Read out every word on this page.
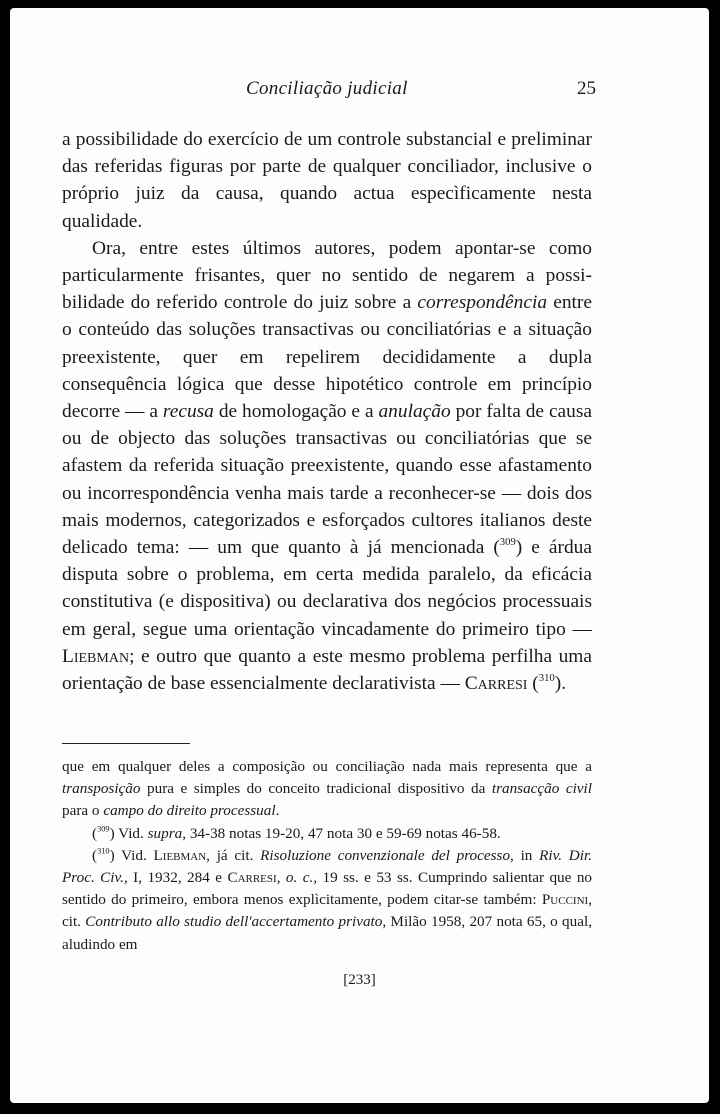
Conciliação judicial	25

a possibilidade do exercício de um controle substancial e preliminar das referidas figuras por parte de qualquer conciliador, inclusive o próprio juiz da causa, quando actua especìficamente nesta qualidade.

Ora, entre estes últimos autores, podem apontar-se como particularmente frisantes, quer no sentido de negarem a possibilidade do referido controle do juiz sobre a correspondência entre o conteúdo das soluções transactivas ou conciliatórias e a situação preexistente, quer em repelirem decididamente a dupla consequência lógica que desse hipotético controle em princípio decorre — a recusa de homologação e a anulação por falta de causa ou de objecto das soluções transactivas ou conciliatórias que se afastem da referida situação preexistente, quando esse afastamento ou incorrespondência venha mais tarde a reconhecer-se — dois dos mais modernos, categorizados e esforçados cultores italianos deste delicado tema: — um que quanto à já mencionada ($^{309}$) e árdua disputa sobre o problema, em certa medida paralelo, da eficácia constitutiva (e dispositiva) ou declarativa dos negócios processuais em geral, segue uma orientação vincadamente do primeiro tipo — Liebman; e outro que quanto a este mesmo problema perfilha uma orientação de base essencialmente declarativista — Carresi ($^{310}$).

que em qualquer deles a composição ou conciliação nada mais representa que a transposição pura e simples do conceito tradicional dispositivo da transacção civil para o campo do direito processual.

($^{309}$) Vid. supra, 34-38 notas 19-20, 47 nota 30 e 59-69 notas 46-58.

($^{310}$) Vid. Liebman, já cit. Risoluzione convenzionale del processo, in Riv. Dir. Proc. Civ., I, 1932, 284 e Carresi, o. c., 19 ss. e 53 ss. Cumprindo salientar que no sentido do primeiro, embora menos explìcitamente, podem citar-se também: Puccini, cit. Contributo allo studio dell'accertamento privato, Milão 1958, 207 nota 65, o qual, aludindo em

[233]
